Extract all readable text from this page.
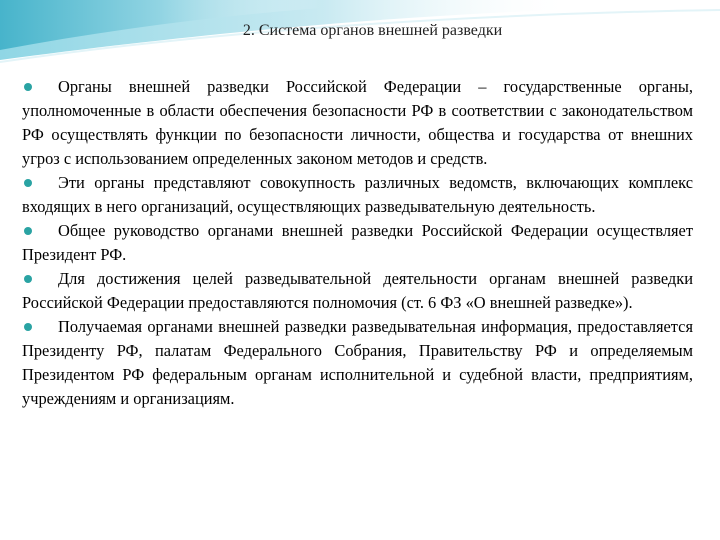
2. Система органов внешней разведки

Органы внешней разведки Российской Федерации – государственные органы, уполномоченные в области обеспечения безопасности РФ в соответствии с законодательством РФ осуществлять функции по безопасности личности, общества и государства от внешних угроз с использованием определенных законом методов и средств.

Эти органы представляют совокупность различных ведомств, включающих комплекс входящих в него организаций, осуществляющих разведывательную деятельность.

Общее руководство органами внешней разведки Российской Федерации осуществляет Президент РФ.

Для достижения целей разведывательной деятельности органам внешней разведки Российской Федерации предоставляются полномочия (ст. 6 ФЗ «О внешней разведке»).

Получаемая органами внешней разведки разведывательная информация, предоставляется Президенту РФ, палатам Федерального Собрания, Правительству РФ и определяемым Президентом РФ федеральным органам исполнительной и судебной власти, предприятиям, учреждениям и организациям.
